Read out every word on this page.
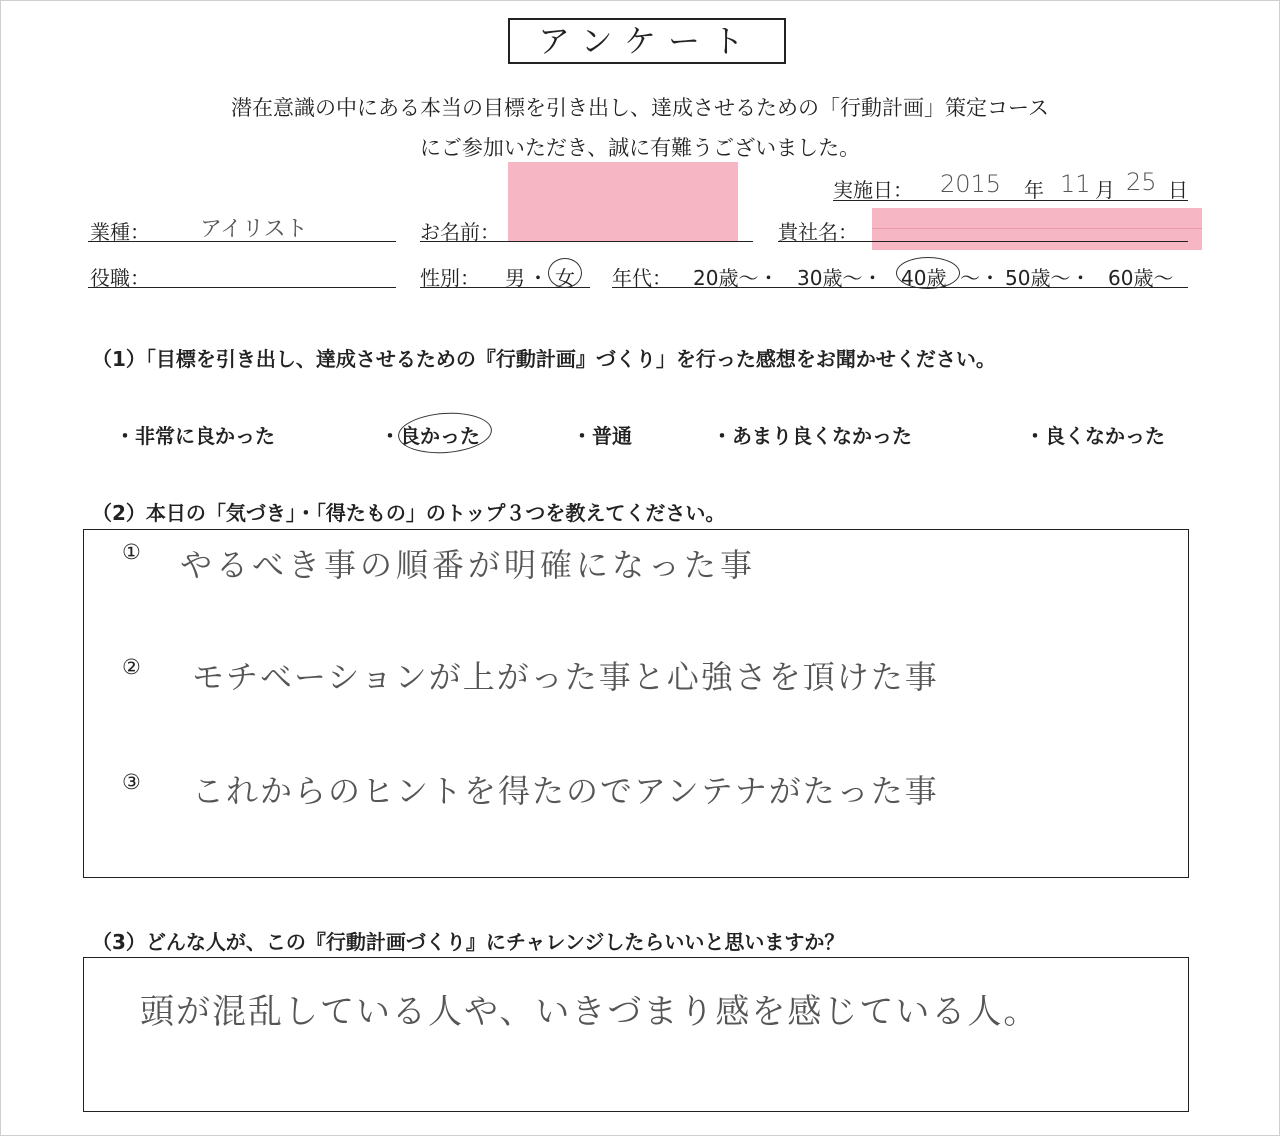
アンケート
潜在意識の中にある本当の目標を引き出し、達成させるための「行動計画」策定コース
にご参加いただき、誠に有難うございました。
実施日： 2015 年 11 月 25 日
業種： アイリスト	お名前：	貴社名：
役職：	性別： 男 ・ 女 年代： 20歳～・ 30歳～・ 40歳 ～・ 50歳～・ 60歳～
（1）「目標を引き出し、達成させるための『行動計画』づくり」を行った感想をお聞かせください。
・非常に良かった	・良かった	・普通	・あまり良くなかった	・良くなかった
（2）本日の「気づき」・「得たもの」のトップ３つを教えてください。
① やるべき事の順番が明確になった事
② モチベーションが上がった事と心強さを頂けた事
③ これからのヒントを得たのでアンテナがたった事
（3）どんな人が、この『行動計画づくり』にチャレンジしたらいいと思いますか？
頭が混乱している人や、いきづまり感を感じている人。
